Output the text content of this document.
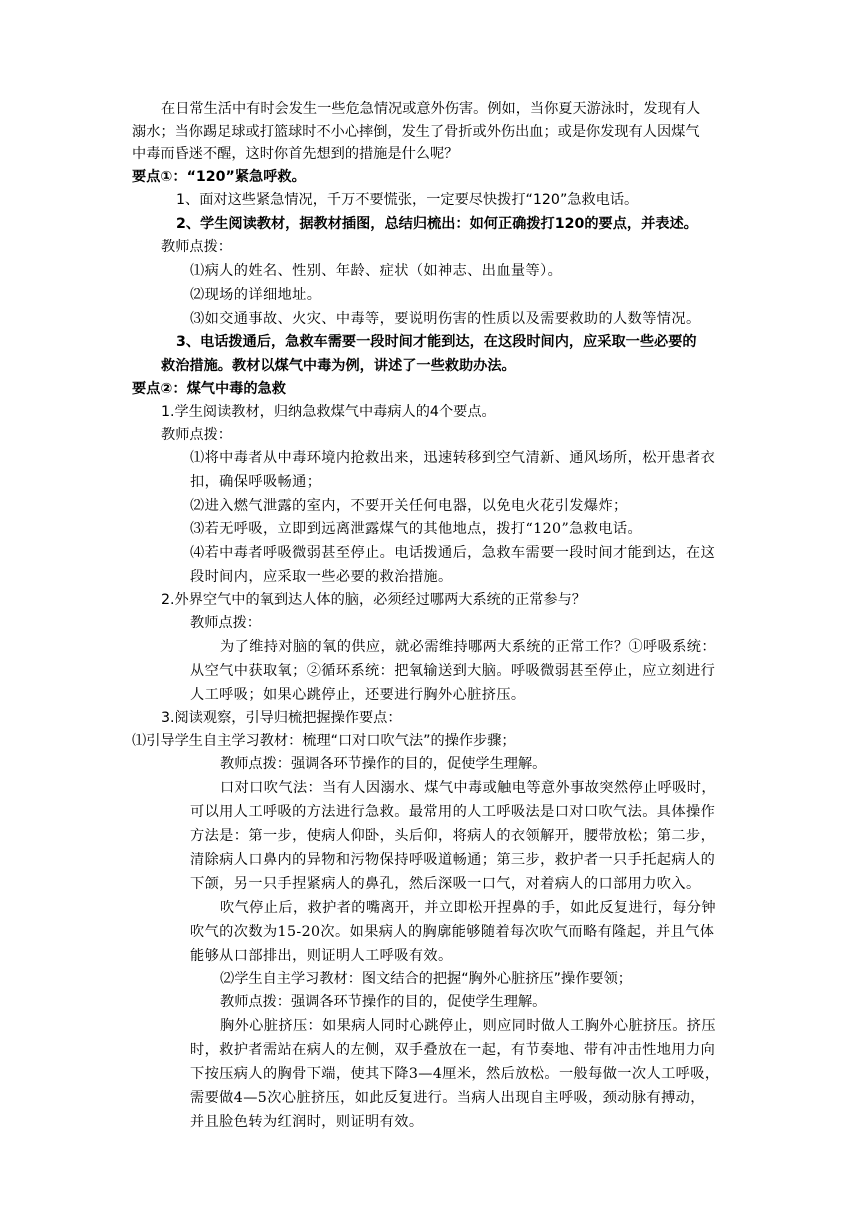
在日常生活中有时会发生一些危急情况或意外伤害。例如，当你夏天游泳时，发现有人
溺水；当你踢足球或打篮球时不小心摔倒，发生了骨折或外伤出血；或是你发现有人因煤气
中毒而昏迷不醒，这时你首先想到的措施是什么呢？
要点①：“120”紧急呼救。
1、面对这些紧急情况，千万不要慌张，一定要尽快拨打“120”急救电话。
2、学生阅读教材，据教材插图，总结归梳出：如何正确拨打120的要点，并表述。
教师点拨：
⑴病人的姓名、性别、年龄、症状（如神志、出血量等）。
⑵现场的详细地址。
⑶如交通事故、火灾、中毒等，要说明伤害的性质以及需要救助的人数等情况。
3、电话拨通后，急救车需要一段时间才能到达，在这段时间内，应采取一些必要的
救治措施。教材以煤气中毒为例，讲述了一些救助办法。
要点②：煤气中毒的急救
1.学生阅读教材，归纳急救煤气中毒病人的4个要点。
教师点拨：
⑴将中毒者从中毒环境内抢救出来，迅速转移到空气清新、通风场所，松开患者衣
扣，确保呼吸畅通；
⑵进入燃气泄露的室内，不要开关任何电器，以免电火花引发爆炸；
⑶若无呼吸，立即到远离泄露煤气的其他地点，拨打“120”急救电话。
⑷若中毒者呼吸微弱甚至停止。电话拨通后，急救车需要一段时间才能到达，在这
段时间内，应采取一些必要的救治措施。
2.外界空气中的氧到达人体的脑，必须经过哪两大系统的正常参与？
教师点拨：
为了维持对脑的氧的供应，就必需维持哪两大系统的正常工作？①呼吸系统：
从空气中获取氧；②循环系统：把氧输送到大脑。呼吸微弱甚至停止，应立刻进行
人工呼吸；如果心跳停止，还要进行胸外心脏挤压。
3.阅读观察，引导归梳把握操作要点：
⑴引导学生自主学习教材：梳理“口对口吹气法”的操作步骤；
教师点拨：强调各环节操作的目的，促使学生理解。
口对口吹气法：当有人因溺水、煤气中毒或触电等意外事故突然停止呼吸时，
可以用人工呼吸的方法进行急救。最常用的人工呼吸法是口对口吹气法。具体操作
方法是：第一步，使病人仰卧，头后仰，将病人的衣领解开，腰带放松；第二步，
清除病人口鼻内的异物和污物保持呼吸道畅通；第三步，救护者一只手托起病人的
下颌，另一只手捏紧病人的鼻孔，然后深吸一口气，对着病人的口部用力吹入。
吹气停止后，救护者的嘴离开，并立即松开捏鼻的手，如此反复进行，每分钟
吹气的次数为15-20次。如果病人的胸廓能够随着每次吹气而略有隆起，并且气体
能够从口部排出，则证明人工呼吸有效。
⑵学生自主学习教材：图文结合的把握“胸外心脏挤压”操作要领；
教师点拨：强调各环节操作的目的，促使学生理解。
胸外心脏挤压：如果病人同时心跳停止，则应同时做人工胸外心脏挤压。挤压
时，救护者需站在病人的左侧，双手叠放在一起，有节奏地、带有冲击性地用力向
下按压病人的胸骨下端，使其下降3—4厘米，然后放松。一般每做一次人工呼吸，
需要做4—5次心脏挤压，如此反复进行。当病人出现自主呼吸，颈动脉有搏动，
并且脸色转为红润时，则证明有效。
